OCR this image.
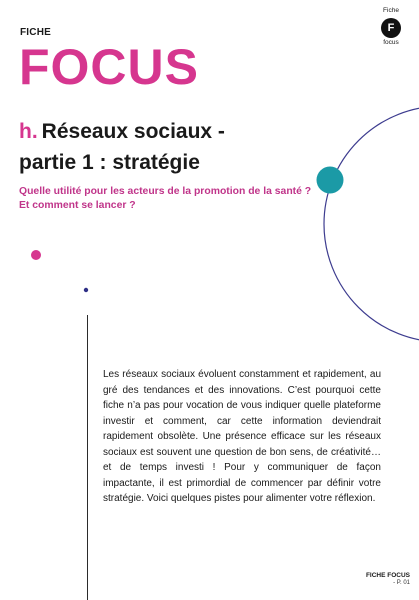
FICHE
FOCUS
Fiche
F
focus
h. Réseaux sociaux -
partie 1 : stratégie
Quelle utilité pour les acteurs de la promotion de la santé ? Et comment se lancer ?
Les réseaux sociaux évoluent constamment et rapidement, au gré des tendances et des innovations. C’est pourquoi cette fiche n’a pas pour vocation de vous indiquer quelle plateforme investir et comment, car cette information deviendrait rapidement obsolète. Une présence efficace sur les réseaux sociaux est souvent une question de bon sens, de créativité… et de temps investi ! Pour y communiquer de façon impactante, il est primordial de commencer par définir votre stratégie. Voici quelques pistes pour alimenter votre réflexion.
FICHE FOCUS
- P. 01
